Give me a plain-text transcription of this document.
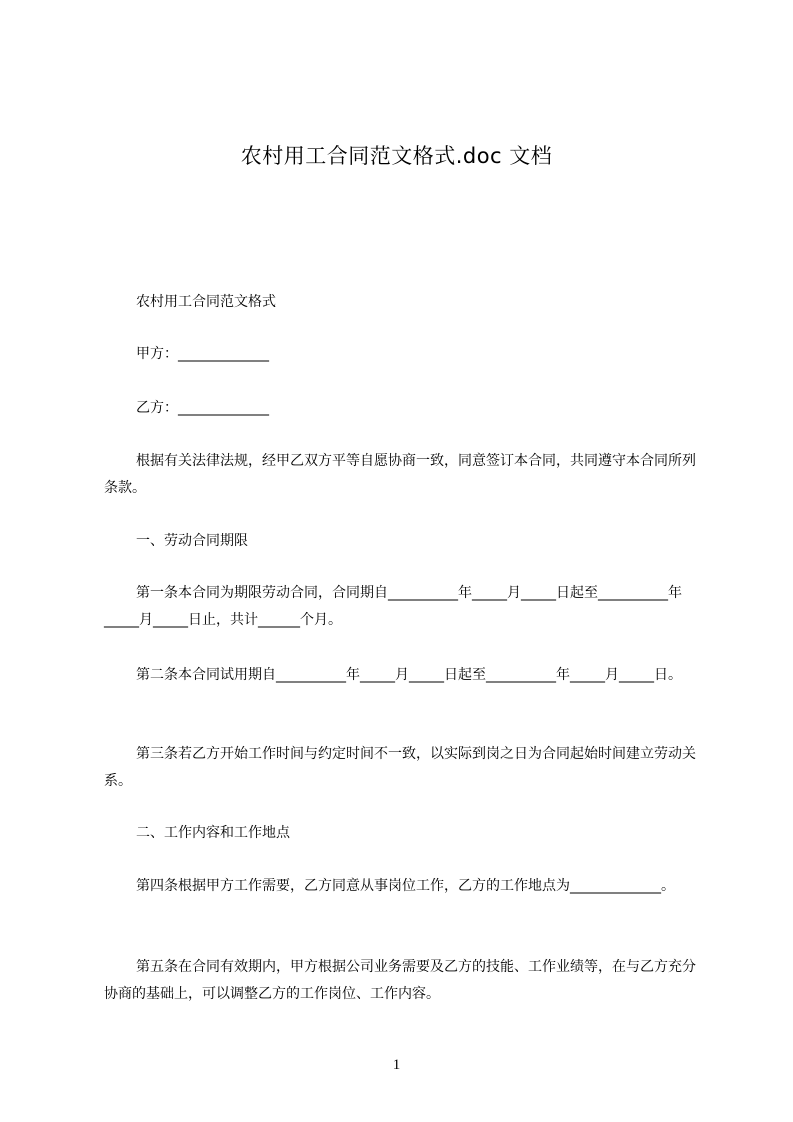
农村用工合同范文格式.doc 文档
农村用工合同范文格式
甲方：_____________
乙方：_____________
根据有关法律法规，经甲乙双方平等自愿协商一致，同意签订本合同，共同遵守本合同所列条款。
一、劳动合同期限
第一条本合同为期限劳动合同，合同期自__________年_____月_____日起至__________年_____月_____日止，共计______个月。
第二条本合同试用期自__________年_____月_____日起至__________年_____月_____日。
第三条若乙方开始工作时间与约定时间不一致，以实际到岗之日为合同起始时间建立劳动关系。
二、工作内容和工作地点
第四条根据甲方工作需要，乙方同意从事岗位工作，乙方的工作地点为_____________。
第五条在合同有效期内，甲方根据公司业务需要及乙方的技能、工作业绩等，在与乙方充分协商的基础上，可以调整乙方的工作岗位、工作内容。
1
